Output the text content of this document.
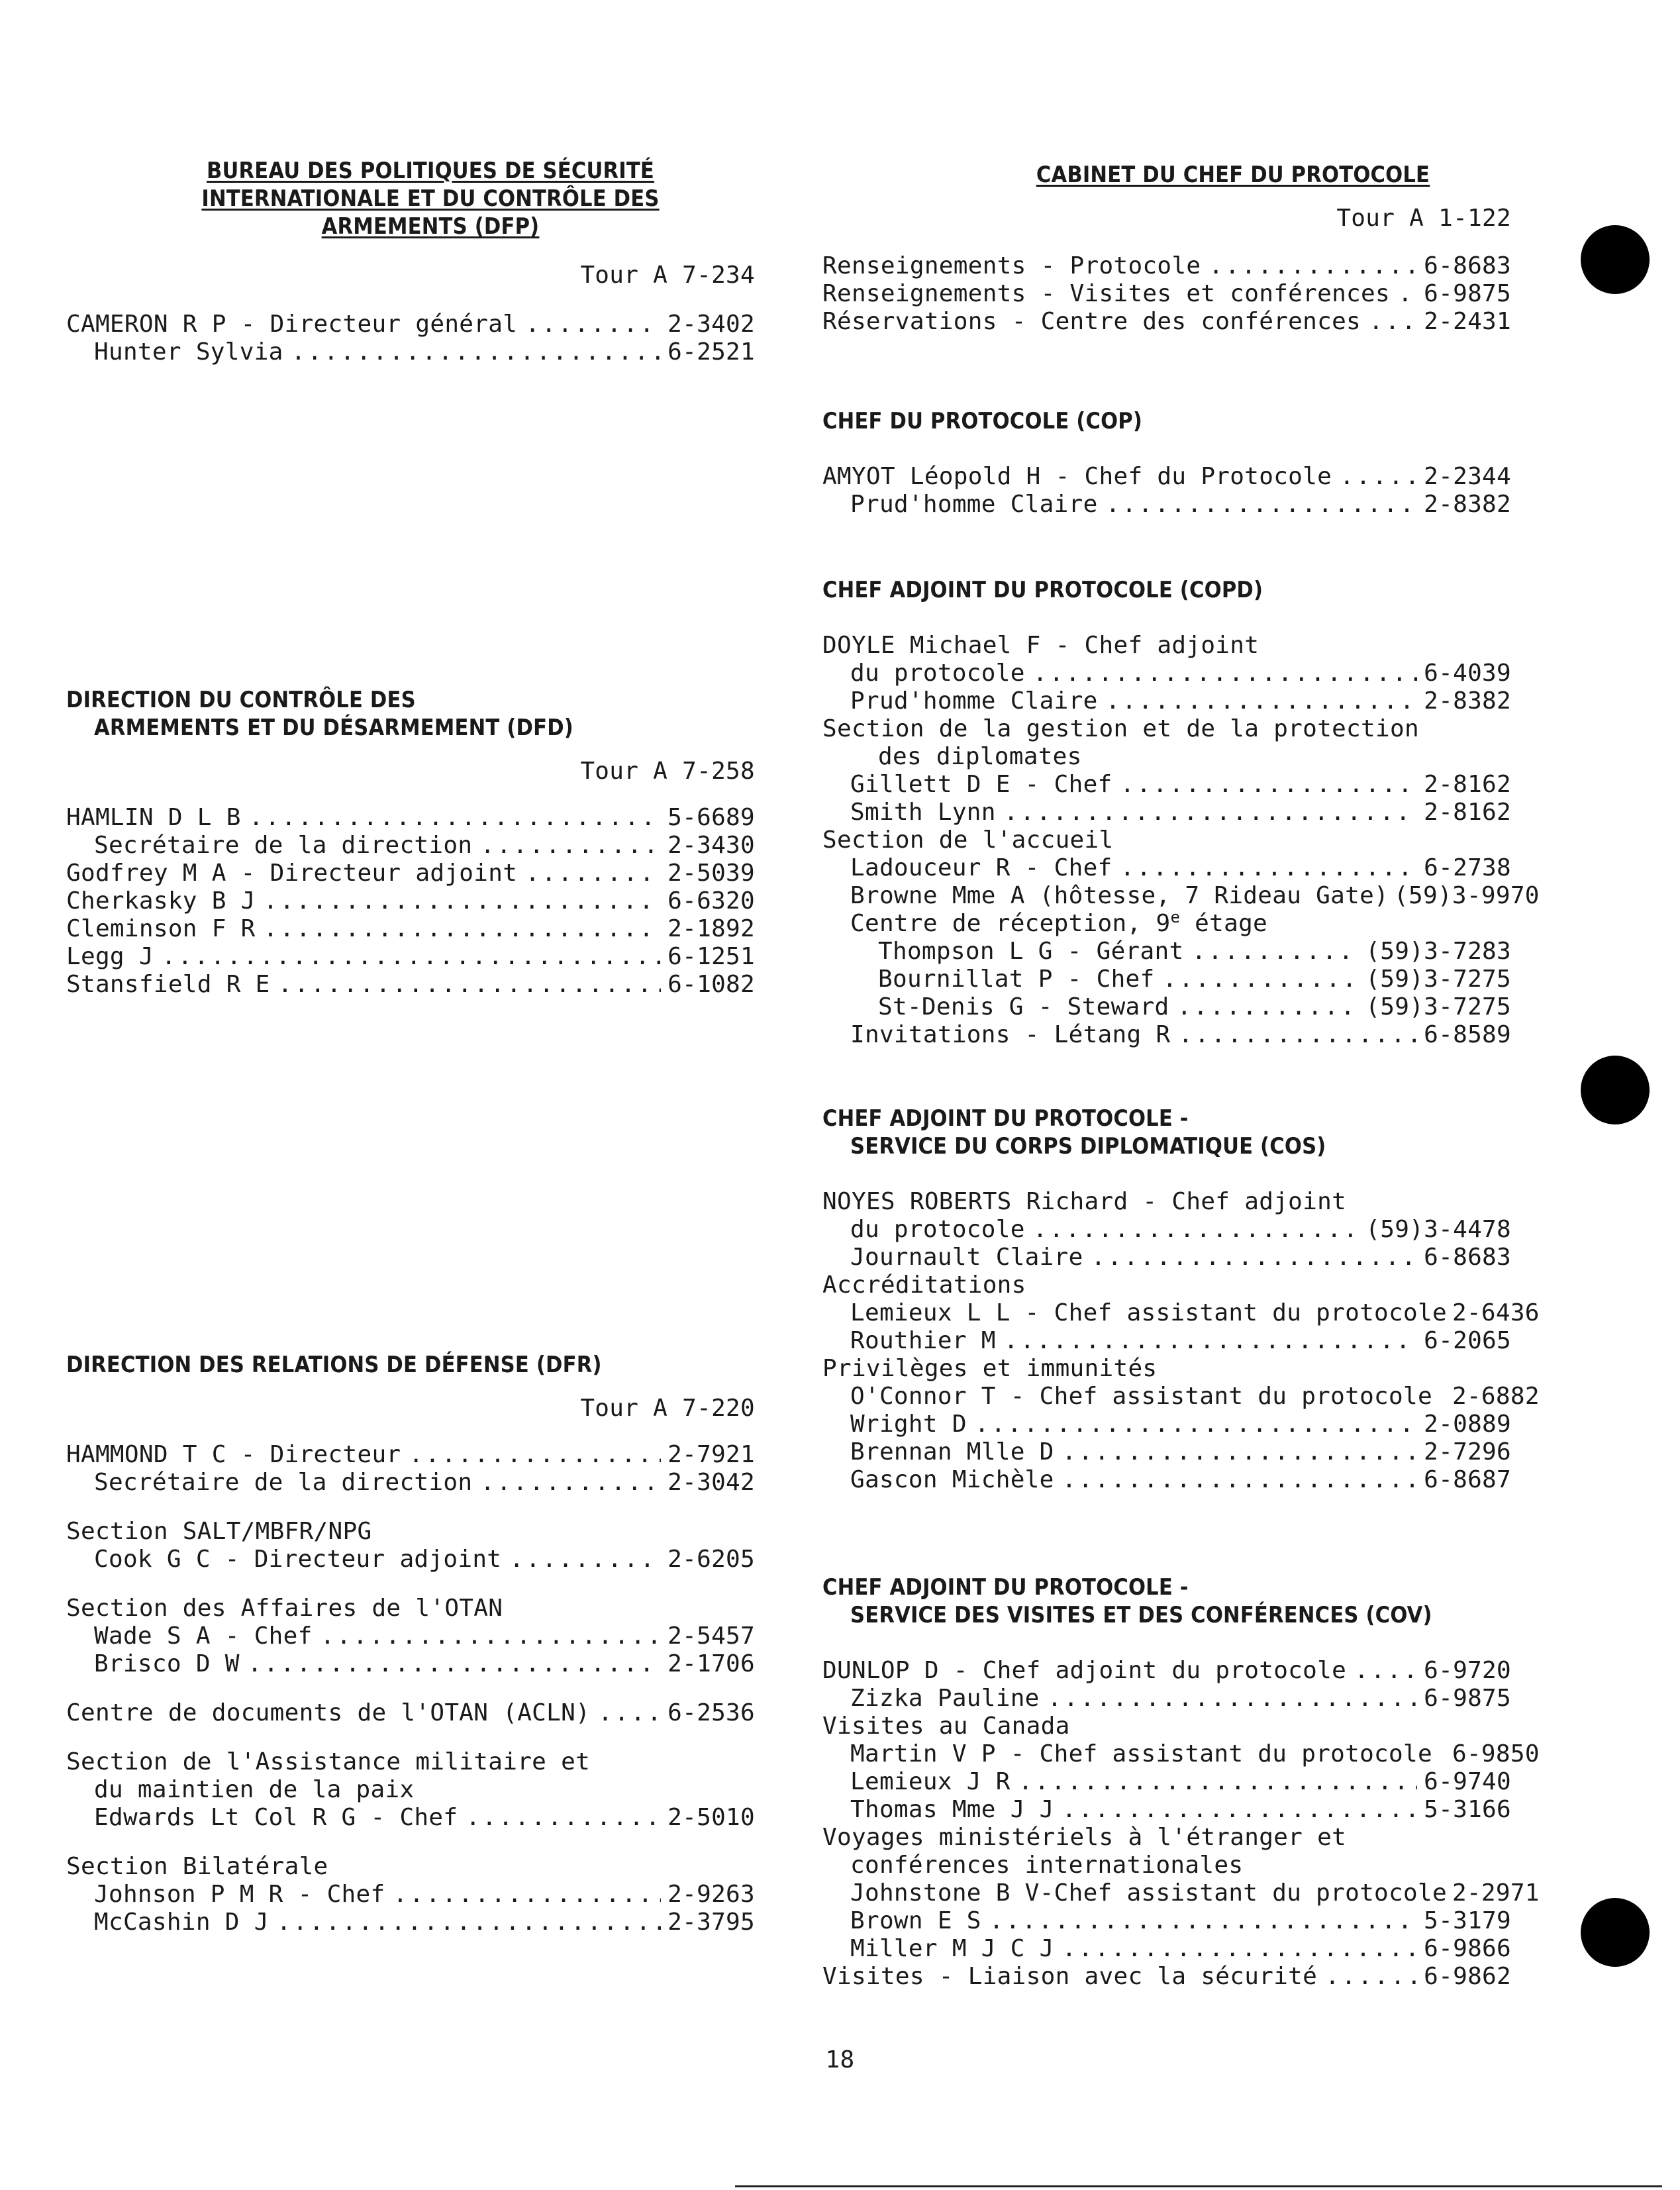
BUREAU DES POLITIQUES DE SÉCURITÉ
INTERNATIONALE ET DU CONTRÔLE DES
ARMEMENTS (DFP)
Tour A 7-234
CAMERON R P - Directeur général .....	2-3402
Hunter Sylvia .....	6-2521
DIRECTION DU CONTRÔLE DES
ARMEMENTS ET DU DÉSARMEMENT (DFD)
Tour A 7-258
HAMLIN D L B .....	5-6689
Secrétaire de la direction .....	2-3430
Godfrey M A - Directeur adjoint .....	2-5039
Cherkasky B J .....	6-6320
Cleminson F R .....	2-1892
Legg J .....	6-1251
Stansfield R E .....	6-1082
DIRECTION DES RELATIONS DE DÉFENSE (DFR)
Tour A 7-220
HAMMOND T C - Directeur .....	2-7921
Secrétaire de la direction .....	2-3042
Section SALT/MBFR/NPG
Cook G C - Directeur adjoint .....	2-6205
Section des Affaires de l'OTAN
Wade S A - Chef .....	2-5457
Brisco D W .....	2-1706
Centre de documents de l'OTAN (ACLN) .....	6-2536
Section de l'Assistance militaire et
du maintien de la paix
Edwards Lt Col R G - Chef .....	2-5010
Section Bilatérale
Johnson P M R - Chef .....	2-9263
McCashin D J .....	2-3795
CABINET DU CHEF DU PROTOCOLE
Tour A 1-122
Renseignements - Protocole .....	6-8683
Renseignements - Visites et conférences ..... 6-9875
Réservations - Centre des conférences .....	2-2431
CHEF DU PROTOCOLE (COP)
AMYOT Léopold H - Chef du Protocole .....	2-2344
Prud'homme Claire .....	2-8382
CHEF ADJOINT DU PROTOCOLE (COPD)
DOYLE Michael F - Chef adjoint
du protocole .....	6-4039
Prud'homme Claire .....	2-8382
Section de la gestion et de la protection
des diplomates
Gillett D E - Chef .....	2-8162
Smith Lynn .....	2-8162
Section de l'accueil
Ladouceur R - Chef .....	6-2738
Browne Mme A (hôtesse, 7 Rideau Gate) (59)3-9970
Centre de réception, 9e étage
Thompson L G - Gérant .....	(59)3-7283
Bournillat P - Chef .....	(59)3-7275
St-Denis G - Steward .....	(59)3-7275
Invitations - Létang R .....	6-8589
CHEF ADJOINT DU PROTOCOLE -
SERVICE DU CORPS DIPLOMATIQUE (COS)
NOYES ROBERTS Richard - Chef adjoint
du protocole .....	(59)3-4478
Journault Claire .....	6-8683
Accréditations
Lemieux L L - Chef assistant du protocole 2-6436
Routhier M .....	6-2065
Privilèges et immunités
O'Connor T - Chef assistant du protocole 2-6882
Wright D .....	2-0889
Brennan Mlle D .....	2-7296
Gascon Michèle .....	6-8687
CHEF ADJOINT DU PROTOCOLE -
SERVICE DES VISITES ET DES CONFÉRENCES (COV)
DUNLOP D - Chef adjoint du protocole .....	6-9720
Zizka Pauline .....	6-9875
Visites au Canada
Martin V P - Chef assistant du protocole 6-9850
Lemieux J R .....	6-9740
Thomas Mme J J .....	5-3166
Voyages ministériels à l'étranger et
conférences internationales
Johnstone B V-Chef assistant du protocole 2-2971
Brown E S .....	5-3179
Miller M J C J .....	6-9866
Visites - Liaison avec la sécurité .....	6-9862
18
